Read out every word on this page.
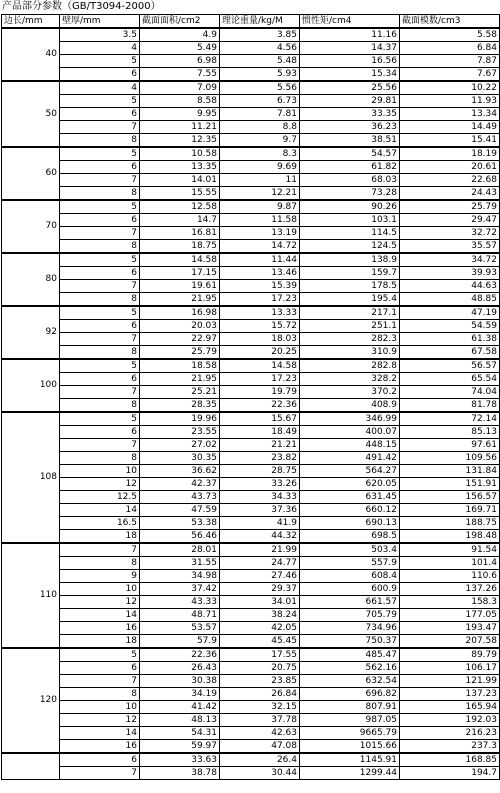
产品部分参数（GB/T3094-2000）
边长/mm	壁厚/mm	截面面积/cm2	理论重量/kg/M	惯性矩/cm4	截面模数/cm3
40	3.5	4.9	3.85	11.16	5.58
	4	5.49	4.56	14.37	6.84
	5	6.98	5.48	16.56	7.87
	6	7.55	5.93	15.34	7.67
50	4	7.09	5.56	25.56	10.22
	5	8.58	6.73	29.81	11.93
	6	9.95	7.81	33.35	13.34
	7	11.21	8.8	36.23	14.49
	8	12.35	9.7	38.51	15.41
60	5	10.58	8.3	54.57	18.19
	6	13.35	9.69	61.82	20.61
	7	14.01	11	68.03	22.68
	8	15.55	12.21	73.28	24.43
70	5	12.58	9.87	90.26	25.79
	6	14.7	11.58	103.1	29.47
	7	16.81	13.19	114.5	32.72
	8	18.75	14.72	124.5	35.57
80	5	14.58	11.44	138.9	34.72
	6	17.15	13.46	159.7	39.93
	7	19.61	15.39	178.5	44.63
	8	21.95	17.23	195.4	48.85
92	5	16.98	13.33	217.1	47.19
	6	20.03	15.72	251.1	54.59
	7	22.97	18.03	282.3	61.38
	8	25.79	20.25	310.9	67.58
100	5	18.58	14.58	282.8	56.57
	6	21.95	17.23	328.2	65.54
	7	25.21	19.79	370.2	74.04
	8	28.35	22.36	408.9	81.78
108	5	19.96	15.67	346.99	72.14
	6	23.55	18.49	400.07	85.13
	7	27.02	21.21	448.15	97.61
	8	30.35	23.82	491.42	109.56
	10	36.62	28.75	564.27	131.84
	12	42.37	33.26	620.05	151.91
	12.5	43.73	34.33	631.45	156.57
	14	47.59	37.36	660.12	169.71
	16.5	53.38	41.9	690.13	188.75
	18	56.46	44.32	698.5	198.48
110	7	28.01	21.99	503.4	91.54
	8	31.55	24.77	557.9	101.4
	9	34.98	27.46	608.4	110.6
	10	37.42	29.37	600.9	137.26
	12	43.33	34.01	661.57	158.3
	14	48.71	38.24	705.79	177.05
	16	53.57	42.05	734.96	193.47
	18	57.9	45.45	750.37	207.58
120	5	22.36	17.55	485.47	89.79
	6	26.43	20.75	562.16	106.17
	7	30.38	23.85	632.54	121.99
	8	34.19	26.84	696.82	137.23
	10	41.42	32.15	807.91	165.94
	12	48.13	37.78	987.05	192.03
	14	54.31	42.63	9665.79	216.23
	16	59.97	47.08	1015.66	237.3
	6	33.63	26.4	1145.91	168.85
	7	38.78	30.44	1299.44	194.7
